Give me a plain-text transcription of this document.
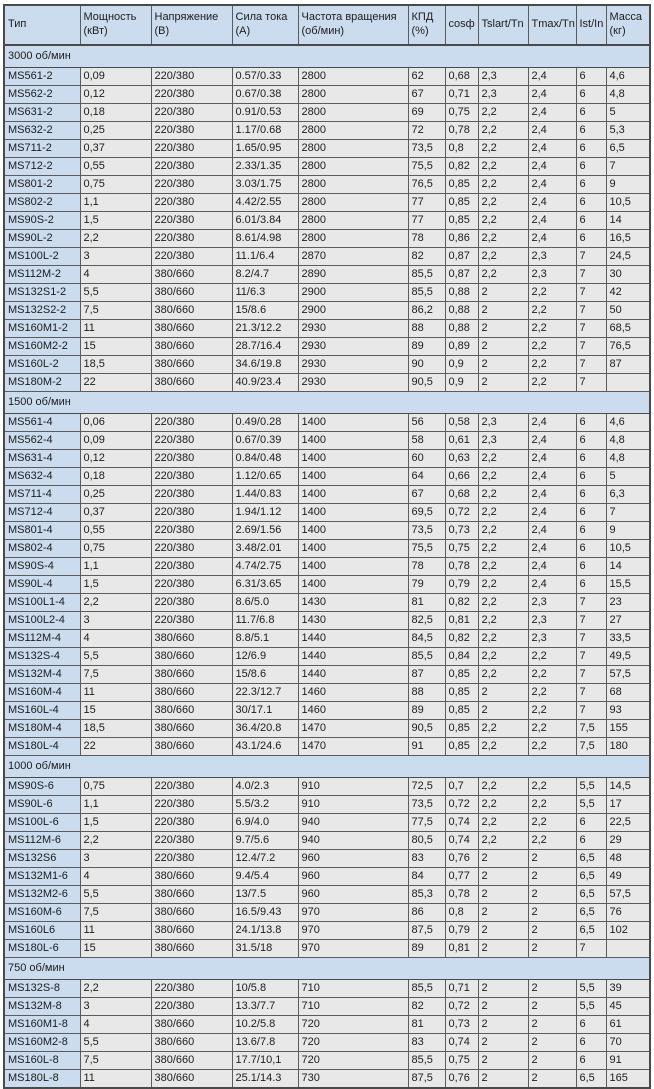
Тип	Мощность (кВт)	Напряжение (В)	Сила тока (А)	Частота вращения (об/мин)	КПД (%)	cosф	Tslart/Tn	Tmax/Tn	Ist/In	Масса (кг)
3000 об/мин										
MS561-2	0,09	220/380	0.57/0.33	2800	62	0,68	2,3	2,4	6	4,6
MS562-2	0,12	220/380	0.67/0.38	2800	67	0,71	2,3	2,4	6	4,8
MS631-2	0,18	220/380	0.91/0.53	2800	69	0,75	2,2	2,4	6	5
MS632-2	0,25	220/380	1.17/0.68	2800	72	0,78	2,2	2,4	6	5,3
MS711-2	0,37	220/380	1.65/0.95	2800	73,5	0,8	2,2	2,4	6	6,5
MS712-2	0,55	220/380	2.33/1.35	2800	75,5	0,82	2,2	2,4	6	7
MS801-2	0,75	220/380	3.03/1.75	2800	76,5	0,85	2,2	2,4	6	9
MS802-2	1,1	220/380	4.42/2.55	2800	77	0,85	2,2	2,4	6	10,5
MS90S-2	1,5	220/380	6.01/3.84	2800	77	0,85	2,2	2,4	6	14
MS90L-2	2,2	220/380	8.61/4.98	2800	78	0,86	2,2	2,4	6	16,5
MS100L-2	3	220/380	11.1/6.4	2870	82	0,87	2,2	2,3	7	24,5
MS112M-2	4	380/660	8.2/4.7	2890	85,5	0,87	2,2	2,3	7	30
MS132S1-2	5,5	380/660	11/6.3	2900	85,5	0,88	2	2,2	7	42
MS132S2-2	7,5	380/660	15/8.6	2900	86,2	0,88	2	2,2	7	50
MS160M1-2	11	380/660	21.3/12.2	2930	88	0,88	2	2,2	7	68,5
MS160M2-2	15	380/660	28.7/16.4	2930	89	0,89	2	2,2	7	76,5
MS160L-2	18,5	380/660	34.6/19.8	2930	90	0,9	2	2,2	7	87
MS180M-2	22	380/660	40.9/23.4	2930	90,5	0,9	2	2,2	7	
1500 об/мин										
MS561-4	0,06	220/380	0.49/0.28	1400	56	0,58	2,3	2,4	6	4,6
MS562-4	0,09	220/380	0.67/0.39	1400	58	0,61	2,3	2,4	6	4,8
MS631-4	0,12	220/380	0.84/0.48	1400	60	0,63	2,2	2,4	6	4,8
MS632-4	0,18	220/380	1.12/0.65	1400	64	0,66	2,2	2,4	6	5
MS711-4	0,25	220/380	1.44/0.83	1400	67	0,68	2,2	2,4	6	6,3
MS712-4	0,37	220/380	1.94/1.12	1400	69,5	0,72	2,2	2,4	6	7
MS801-4	0,55	220/380	2.69/1.56	1400	73,5	0,73	2,2	2,4	6	9
MS802-4	0,75	220/380	3.48/2.01	1400	75,5	0,75	2,2	2,4	6	10,5
MS90S-4	1,1	220/380	4.74/2.75	1400	78	0,78	2,2	2,4	6	14
MS90L-4	1,5	220/380	6.31/3.65	1400	79	0,79	2,2	2,4	6	15,5
MS100L1-4	2,2	220/380	8.6/5.0	1430	81	0,82	2,2	2,3	7	23
MS100L2-4	3	220/380	11.7/6.8	1430	82,5	0,81	2,2	2,3	7	27
MS112M-4	4	380/660	8.8/5.1	1440	84,5	0,82	2,2	2,3	7	33,5
MS132S-4	5,5	380/660	12/6.9	1440	85,5	0,84	2,2	2,2	7	49,5
MS132M-4	7,5	380/660	15/8.6	1440	87	0,85	2,2	2,2	7	57,5
MS160M-4	11	380/660	22.3/12.7	1460	88	0,85	2	2,2	7	68
MS160L-4	15	380/660	30/17.1	1460	89	0,85	2	2,2	7	93
MS180M-4	18,5	380/660	36.4/20.8	1470	90,5	0,85	2,2	2,2	7,5	155
MS180L-4	22	380/660	43.1/24.6	1470	91	0,85	2,2	2,2	7,5	180
1000 об/мин										
MS90S-6	0,75	220/380	4.0/2.3	910	72,5	0,7	2,2	2,2	5,5	14,5
MS90L-6	1,1	220/380	5.5/3.2	910	73,5	0,72	2,2	2,2	5,5	17
MS100L-6	1,5	220/380	6.9/4.0	940	77,5	0,74	2,2	2,2	6	22,5
MS112M-6	2,2	220/380	9.7/5.6	940	80,5	0,74	2,2	2,2	6	29
MS132S6	3	220/380	12.4/7.2	960	83	0,76	2	2	6,5	48
MS132M1-6	4	380/660	9.4/5.4	960	84	0,77	2	2	6,5	49
MS132M2-6	5,5	380/660	13/7.5	960	85,3	0,78	2	2	6,5	57,5
MS160M-6	7,5	380/660	16.5/9.43	970	86	0,8	2	2	6,5	76
MS160L6	11	380/660	24.1/13.8	970	87,5	0,79	2	2	6,5	102
MS180L-6	15	380/660	31.5/18	970	89	0,81	2	2	7	
750 об/мин										
MS132S-8	2,2	220/380	10/5.8	710	85,5	0,71	2	2	5,5	39
MS132M-8	3	220/380	13.3/7.7	710	82	0,72	2	2	5,5	45
MS160M1-8	4	380/660	10.2/5.8	720	81	0,73	2	2	6	61
MS160M2-8	5,5	380/660	13.6/7.8	720	83	0,74	2	2	6	70
MS160L-8	7,5	380/660	17.7/10,1	720	85,5	0,75	2	2	6	91
MS180L-8	11	380/660	25.1/14.3	730	87,5	0,76	2	2	6,5	165
